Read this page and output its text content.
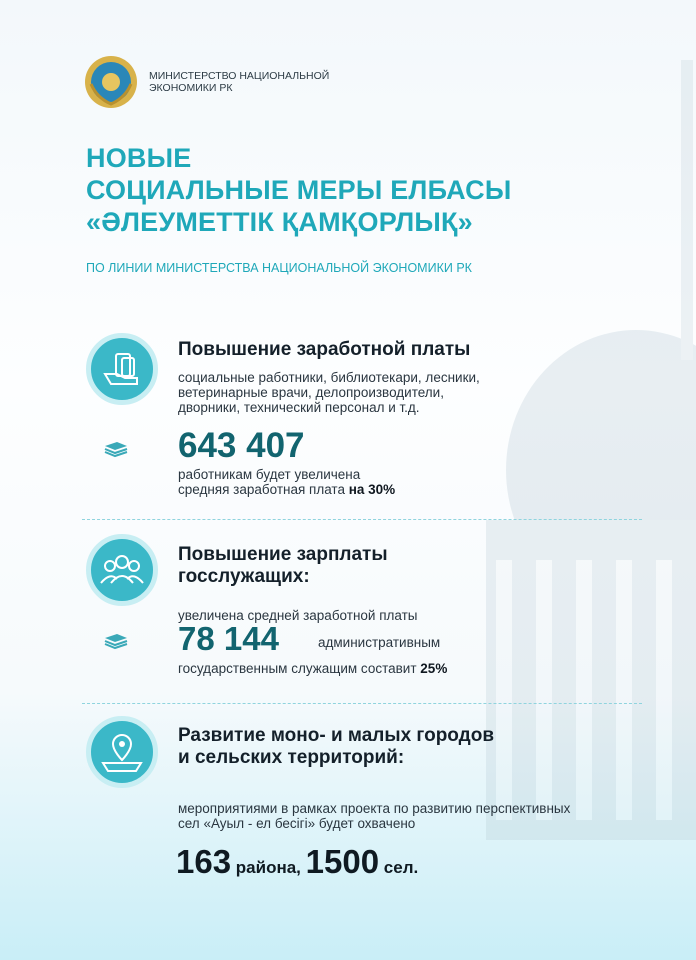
МИНИСТЕРСТВО НАЦИОНАЛЬНОЙ ЭКОНОМИКИ РК
НОВЫЕ
СОЦИАЛЬНЫЕ МЕРЫ ЕЛБАСЫ
«ӘЛЕУМЕТТІК ҚАМҚОРЛЫҚ»
ПО ЛИНИИ МИНИСТЕРСТВА НАЦИОНАЛЬНОЙ ЭКОНОМИКИ РК
Повышение заработной платы
социальные работники, библиотекари, лесники,
ветеринарные врачи, делопроизводители,
дворники, технический персонал и т.д.
643 407
работникам будет увеличена
средняя заработная плата на 30%
Повышение зарплаты
госслужащих:
увеличена средней заработной платы
78 144	административным
государственным служащим составит 25%
Развитие моно- и малых городов
и сельских территорий:
мероприятиями в рамках проекта по развитию перспективных
сел «Ауыл - ел бесігі» будет охвачено
163 района, 1500 сел.
